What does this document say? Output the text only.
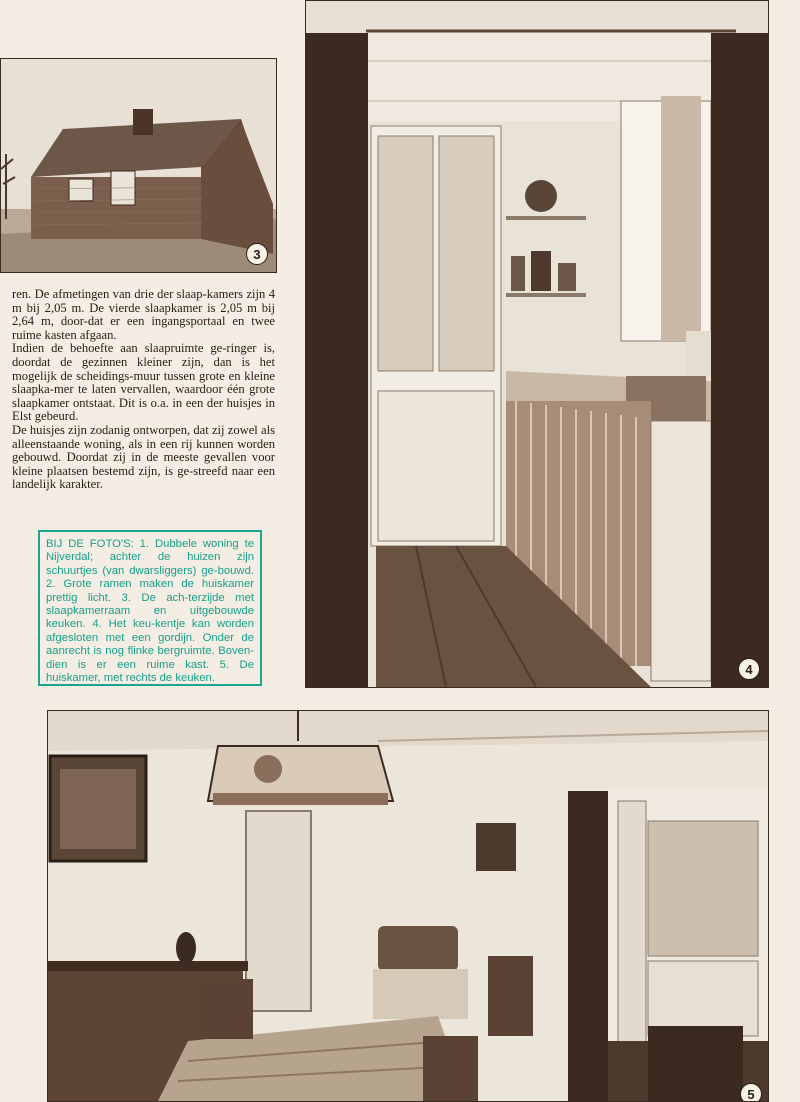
3
4

ren. De afmetingen van drie der slaap-kamers zijn 4 m bij 2,05 m. De vierde slaapkamer is 2,05 m bij 2,64 m, door-dat er een ingangsportaal en twee ruime kasten afgaan.

Indien de behoefte aan slaapruimte ge-ringer is, doordat de gezinnen kleiner zijn, dan is het mogelijk de scheidings-muur tussen grote en kleine slaapka-mer te laten vervallen, waardoor één grote slaapkamer ontstaat. Dit is o.a. in een der huisjes in Elst gebeurd.

De huisjes zijn zodanig ontworpen, dat zij zowel als alleenstaande woning, als in een rij kunnen worden gebouwd. Doordat zij in de meeste gevallen voor kleine plaatsen bestemd zijn, is ge-streefd naar een landelijk karakter.

BIJ DE FOTO'S: 1. Dubbele woning te Nijverdal; achter de huizen zijn schuurtjes (van dwarsliggers) ge-bouwd. 2. Grote ramen maken de huiskamer prettig licht. 3. De ach-terzijde met slaapkamerraam en uitgebouwde keuken. 4. Het keu-kentje kan worden afgesloten met een gordijn. Onder de aanrecht is nog flinke bergruimte. Boven-dien is er een ruime kast. 5. De huiskamer, met rechts de keuken.
5
